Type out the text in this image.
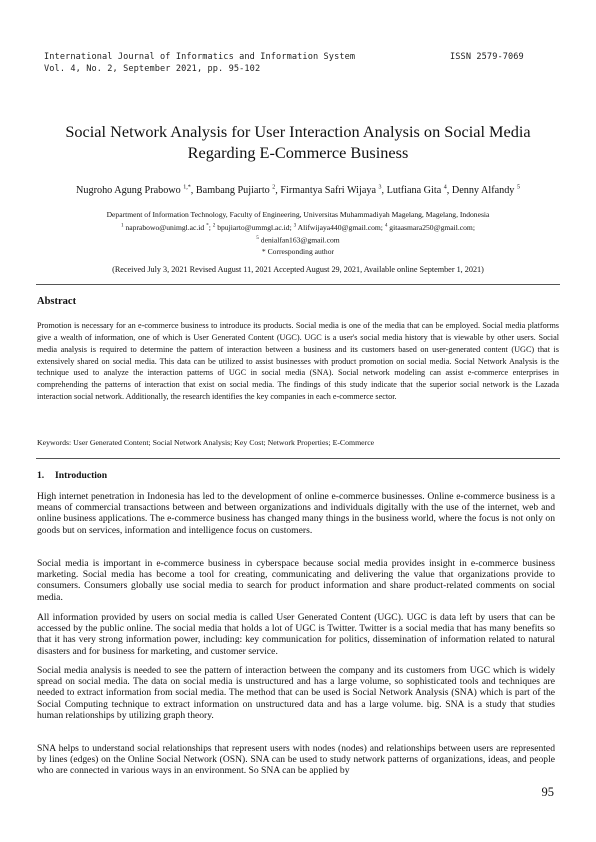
International Journal of Informatics and Information System
Vol. 4, No. 2, September 2021, pp. 95-102
ISSN 2579-7069
Social Network Analysis for User Interaction Analysis on Social Media
Regarding E-Commerce Business
Nugroho Agung Prabowo $^{1,*}$, Bambang Pujiarto $^2$, Firmantya Safri Wijaya $^3$, Lutfiana Gita $^4$, Denny Alfandy $^5$
Department of Information Technology, Faculty of Engineering, Universitas Muhammadiyah Magelang, Magelang, Indonesia
$^1$ naprabowo@unimgl.ac.id *; $^2$ bpujiarto@ummgl.ac.id; $^3$ Alifwijaya440@gmail.com; $^4$ gitaasmara250@gmail.com;
$^5$ denialfan163@gmail.com
* Corresponding author
(Received July 3, 2021 Revised August 11, 2021 Accepted August 29, 2021, Available online September 1, 2021)
Abstract
Promotion is necessary for an e-commerce business to introduce its products. Social media is one of the media that can be employed. Social media platforms give a wealth of information, one of which is User Generated Content (UGC). UGC is a user's social media history that is viewable by other users. Social media analysis is required to determine the pattern of interaction between a business and its customers based on user-generated content (UGC) that is extensively shared on social media. This data can be utilized to assist businesses with product promotion on social media. Social Network Analysis is the technique used to analyze the interaction patterns of UGC in social media (SNA). Social network modeling can assist e-commerce enterprises in comprehending the patterns of interaction that exist on social media. The findings of this study indicate that the superior social network is the Lazada interaction social network. Additionally, the research identifies the key companies in each e-commerce sector.
Keywords: User Generated Content; Social Network Analysis; Key Cost; Network Properties; E-Commerce
1. Introduction
High internet penetration in Indonesia has led to the development of online e-commerce businesses. Online e-commerce business is a means of commercial transactions between and between organizations and individuals digitally with the use of the internet, web and online business applications. The e-commerce business has changed many things in the business world, where the focus is not only on goods but on services, information and intelligence focus on customers.
Social media is important in e-commerce business in cyberspace because social media provides insight in e-commerce business marketing. Social media has become a tool for creating, communicating and delivering the value that organizations provide to consumers. Consumers globally use social media to search for product information and share product-related comments on social media.
All information provided by users on social media is called User Generated Content (UGC). UGC is data left by users that can be accessed by the public online. The social media that holds a lot of UGC is Twitter. Twitter is a social media that has many benefits so that it has very strong information power, including: key communication for politics, dissemination of information related to natural disasters and for business for marketing, and customer service.
Social media analysis is needed to see the pattern of interaction between the company and its customers from UGC which is widely spread on social media. The data on social media is unstructured and has a large volume, so sophisticated tools and techniques are needed to extract information from social media. The method that can be used is Social Network Analysis (SNA) which is part of the Social Computing technique to extract information on unstructured data and has a large volume. big. SNA is a study that studies human relationships by utilizing graph theory.
SNA helps to understand social relationships that represent users with nodes (nodes) and relationships between users are represented by lines (edges) on the Online Social Network (OSN). SNA can be used to study network patterns of organizations, ideas, and people who are connected in various ways in an environment. So SNA can be applied by
95
